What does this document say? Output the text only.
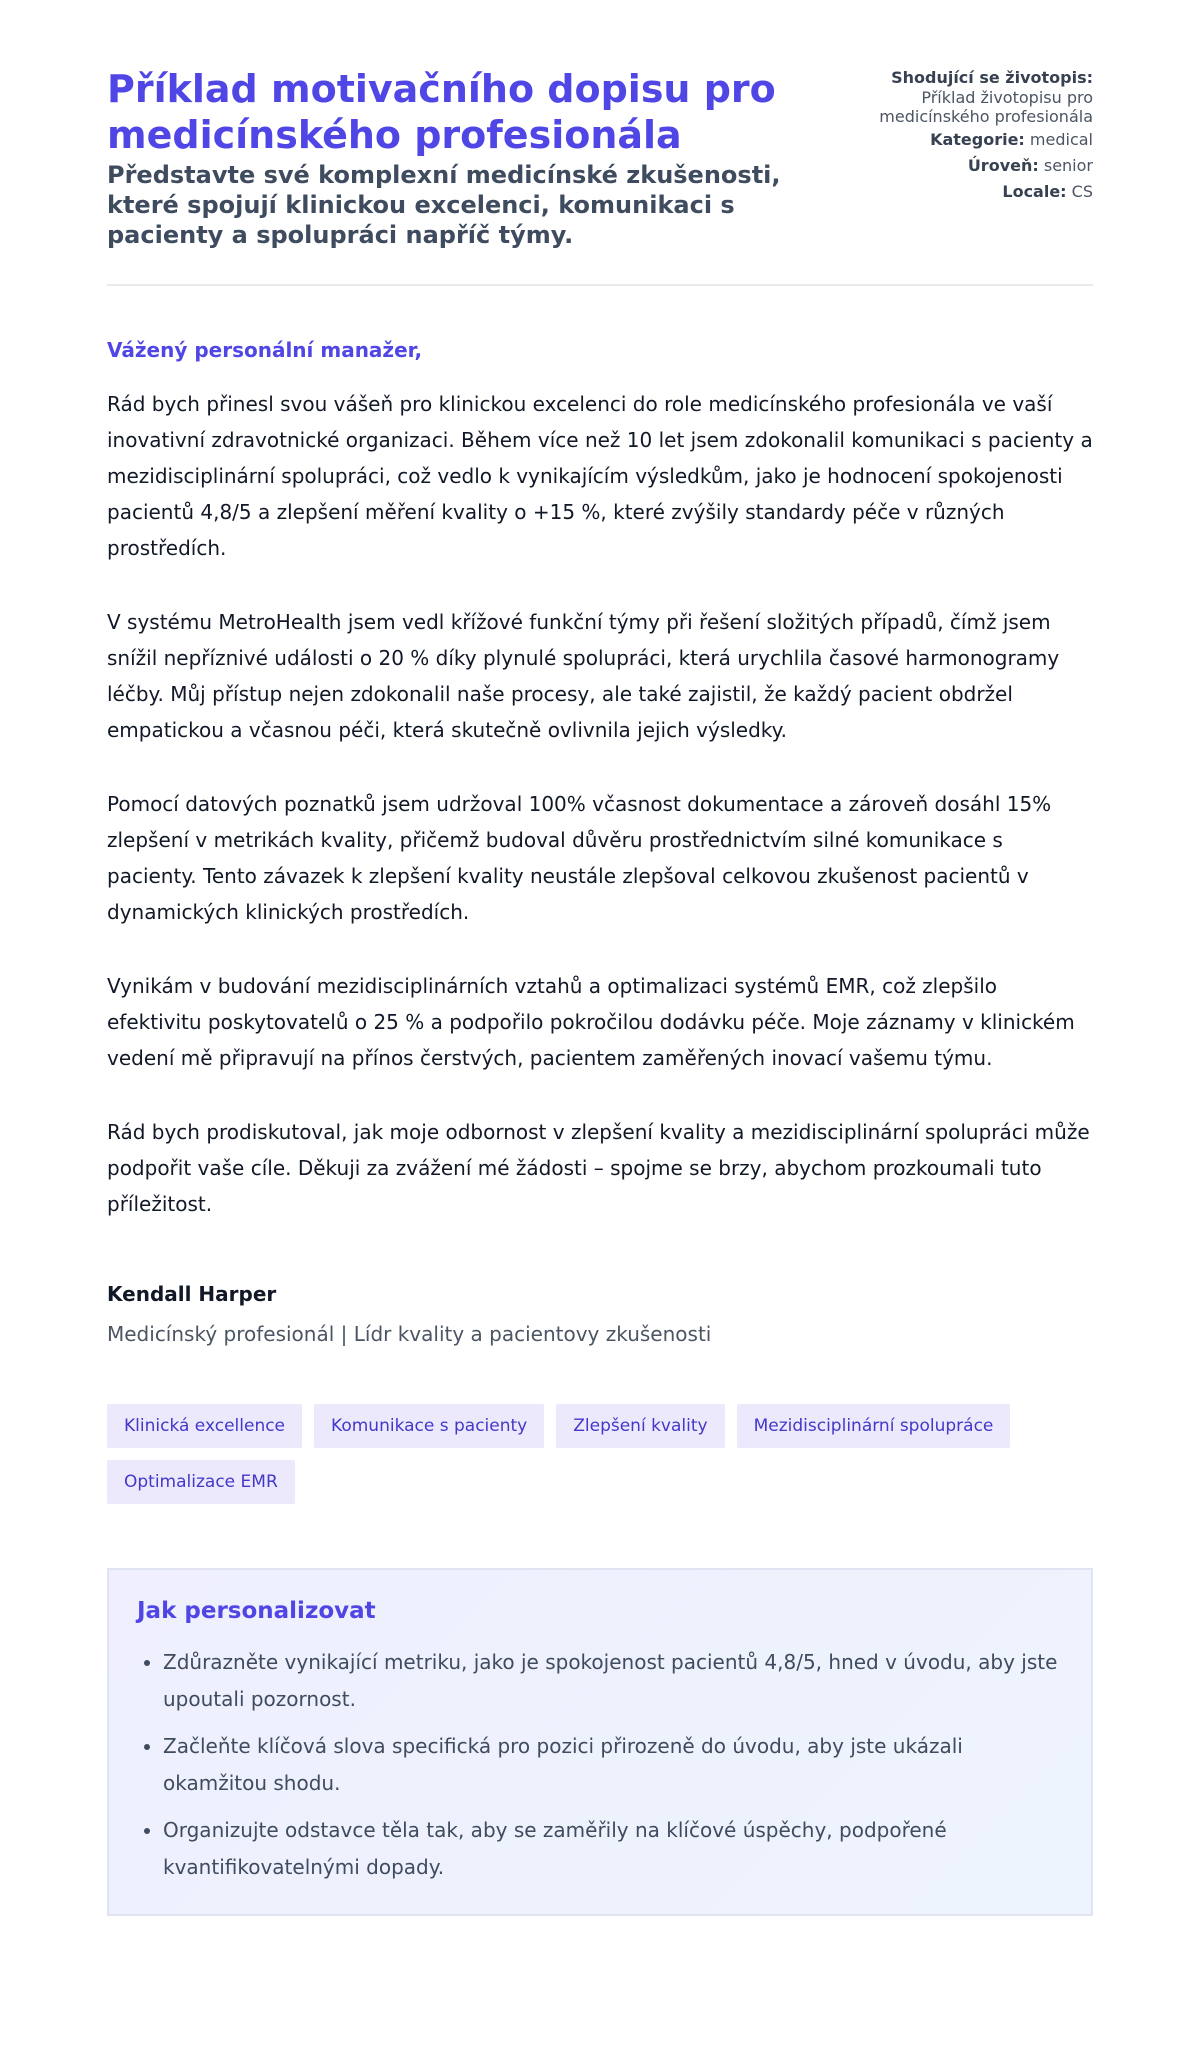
Příklad motivačního dopisu pro medicínského profesionála
Představte své komplexní medicínské zkušenosti, které spojují klinickou excelenci, komunikaci s pacienty a spolupráci napříč týmy.
Shodující se životopis:
Příklad životopisu pro medicínského profesionála
Kategorie: medical
Úroveň: senior
Locale: CS
Vážený personální manažer,

Rád bych přinesl svou vášeň pro klinickou excelenci do role medicínského profesionála ve vaší inovativní zdravotnické organizaci. Během více než 10 let jsem zdokonalil komunikaci s pacienty a mezidisciplinární spolupráci, což vedlo k vynikajícím výsledkům, jako je hodnocení spokojenosti pacientů 4,8/5 a zlepšení měření kvality o +15 %, které zvýšily standardy péče v různých prostředích.

V systému MetroHealth jsem vedl křížové funkční týmy při řešení složitých případů, čímž jsem snížil nepříznivé události o 20 % díky plynulé spolupráci, která urychlila časové harmonogramy léčby. Můj přístup nejen zdokonalil naše procesy, ale také zajistil, že každý pacient obdržel empatickou a včasnou péči, která skutečně ovlivnila jejich výsledky.

Pomocí datových poznatků jsem udržoval 100% včasnost dokumentace a zároveň dosáhl 15% zlepšení v metrikách kvality, přičemž budoval důvěru prostřednictvím silné komunikace s pacienty. Tento závazek k zlepšení kvality neustále zlepšoval celkovou zkušenost pacientů v dynamických klinických prostředích.

Vynikám v budování mezidisciplinárních vztahů a optimalizaci systémů EMR, což zlepšilo efektivitu poskytovatelů o 25 % a podpořilo pokročilou dodávku péče. Moje záznamy v klinickém vedení mě připravují na přínos čerstvých, pacientem zaměřených inovací vašemu týmu.

Rád bych prodiskutoval, jak moje odbornost v zlepšení kvality a mezidisciplinární spolupráci může podpořit vaše cíle. Děkuji za zvážení mé žádosti – spojme se brzy, abychom prozkoumali tuto příležitost.

Kendall Harper
Medicínský profesionál | Lídr kvality a pacientovy zkušenosti
Klinická excellence	Komunikace s pacienty	Zlepšení kvality	Mezidisciplinární spolupráce
Optimalizace EMR
Jak personalizovat
• Zdůrazněte vynikající metriku, jako je spokojenost pacientů 4,8/5, hned v úvodu, aby jste upoutali pozornost.
• Začleňte klíčová slova specifická pro pozici přirozeně do úvodu, aby jste ukázali okamžitou shodu.
• Organizujte odstavce těla tak, aby se zaměřily na klíčové úspěchy, podpořené kvantifikovatelnými dopady.
